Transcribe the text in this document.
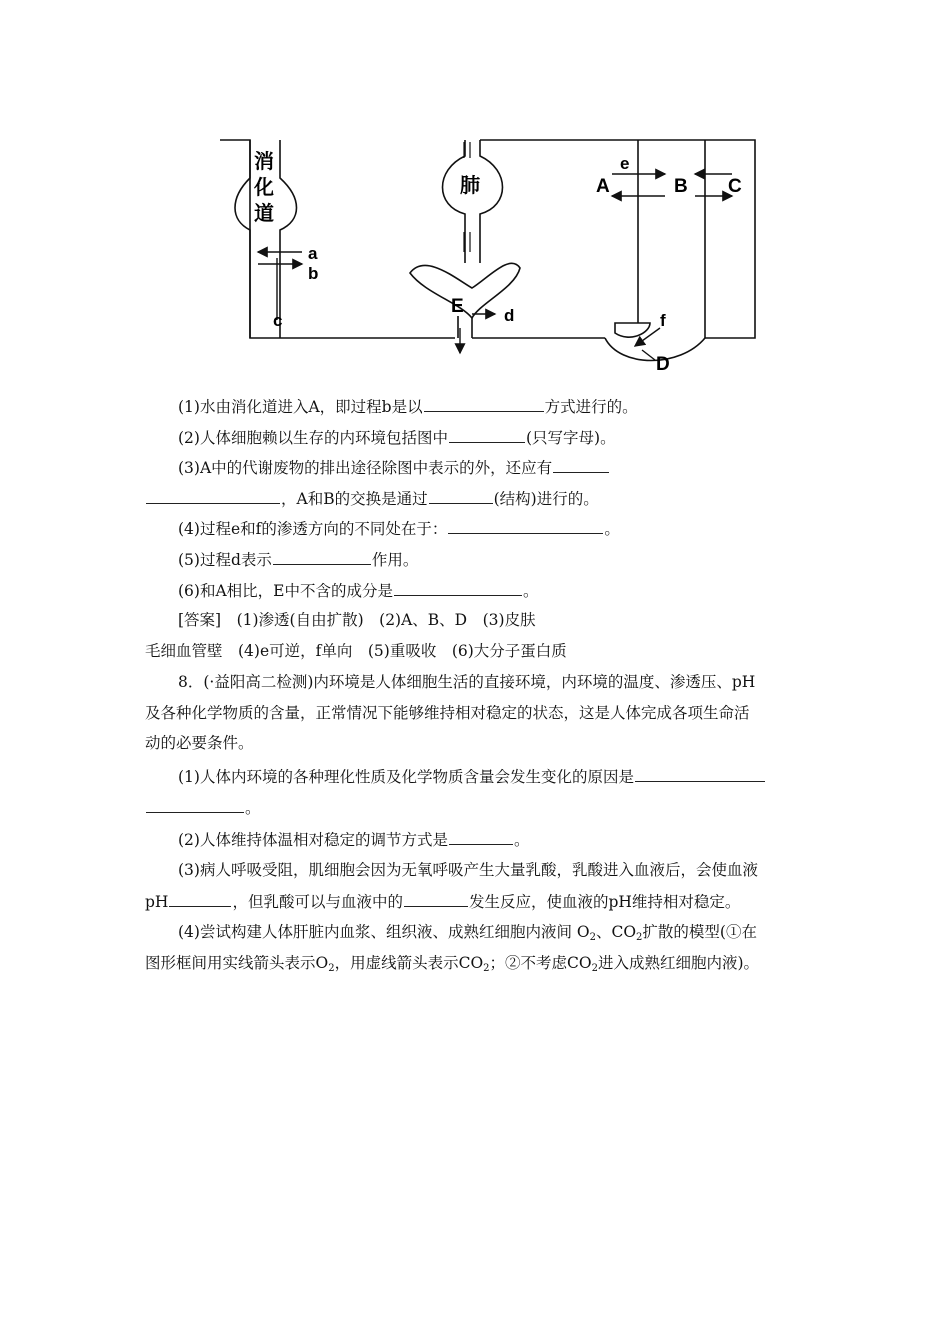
消
化
道
肺
a
b
c	d
e
f
A	B C
D
E
(1)水由消化道进入A，即过程b是以	方式进行的。
(2)人体细胞赖以生存的内环境包括图中	(只写字母)。
(3)A中的代谢废物的排出途径除图中表示的外，还应有
，A和B的交换是通过	(结构)进行的。
(4)过程e和f的渗透方向的不同处在于：	。
(5)过程d表示	作用。
(6)和A相比，E中不含的成分是	。
[答案]　(1)渗透(自由扩散)　(2)A、B、D　(3)皮肤
毛细血管壁　(4)e可逆，f单向　(5)重吸收　(6)大分子蛋白质
8．(·益阳高二检测)内环境是人体细胞生活的直接环境，内环境的温度、渗透压、pH
及各种化学物质的含量，正常情况下能够维持相对稳定的状态，这是人体完成各项生命活
动的必要条件。
(1)人体内环境的各种理化性质及化学物质含量会发生变化的原因是
。
(2)人体维持体温相对稳定的调节方式是	。
(3)病人呼吸受阻，肌细胞会因为无氧呼吸产生大量乳酸，乳酸进入血液后，会使血液
pH	，但乳酸可以与血液中的	发生反应，使血液的pH维持相对稳定。
(4)尝试构建人体肝脏内血浆、组织液、成熟红细胞内液间 $O_2$、$CO_2$扩散的模型(①在
图形框间用实线箭头表示$O_2$，用虚线箭头表示$CO_2$；②不考虑$CO_2$进入成熟红细胞内液)。
